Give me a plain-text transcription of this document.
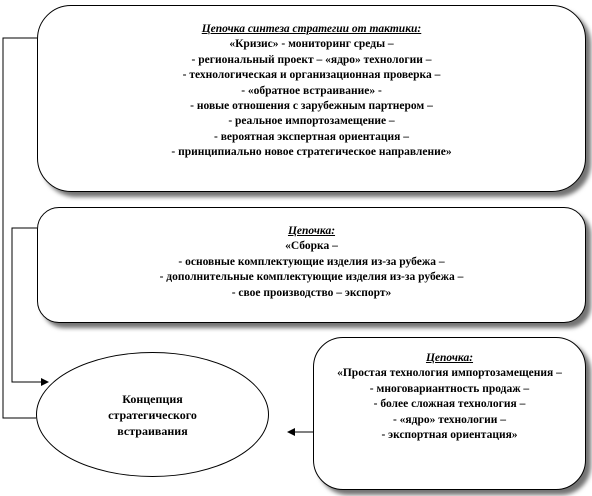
Цепочка синтеза стратегии от тактики:
«Кризис» - мониторинг среды –
- региональный проект – «ядро» технологии –
- технологическая и организационная проверка –
- «обратное встраивание» -
- новые отношения с зарубежным партнером –
- реальное импортозамещение –
- вероятная экспертная ориентация –
- принципиально новое стратегическое направление»
Цепочка:
«Сборка –
- основные комплектующие изделия из-за рубежа –
- дополнительные комплектующие изделия из-за рубежа –
- свое производство – экспорт»
Цепочка:
«Простая технология импортозамещения –
- многовариантность продаж –
- более сложная технология –
- «ядро» технологии –
- экспортная ориентация»
Концепция
стратегического
встраивания
